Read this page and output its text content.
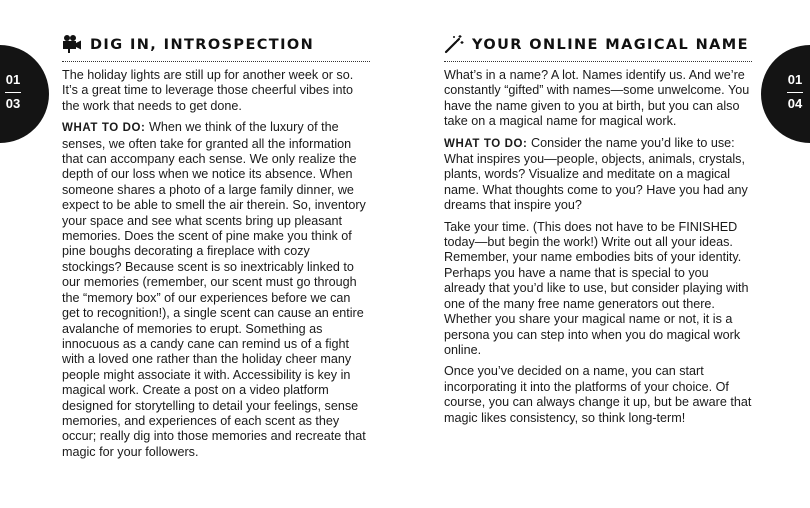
01
03
01
04
DIG IN, INTROSPECTION

The holiday lights are still up for another week or so. It’s a great time to leverage those cheerful vibes into the work that needs to get done.

WHAT TO DO: When we think of the luxury of the senses, we often take for granted all the information that can accompany each sense. We only realize the depth of our loss when we notice its absence. When someone shares a photo of a large family dinner, we expect to be able to smell the air therein. So, inventory your space and see what scents bring up pleasant memories. Does the scent of pine make you think of pine boughs decorating a fireplace with cozy stockings? Because scent is so inextricably linked to our memories (remember, our scent must go through the “memory box” of our experiences before we can get to recognition!), a single scent can cause an entire avalanche of memories to erupt. Something as innocuous as a candy cane can remind us of a fight with a loved one rather than the holiday cheer many people might associate it with. Accessibility is key in magical work. Create a post on a video platform designed for storytelling to detail your feelings, sense memories, and experiences of each scent as they occur; really dig into those memories and recreate that magic for your followers.

YOUR ONLINE MAGICAL NAME

What’s in a name? A lot. Names identify us. And we’re constantly “gifted” with names—some unwelcome. You have the name given to you at birth, but you can also take on a magical name for magical work.

WHAT TO DO: Consider the name you’d like to use: What inspires you—people, objects, animals, crystals, plants, words? Visualize and meditate on a magical name. What thoughts come to you? Have you had any dreams that inspire you?

Take your time. (This does not have to be FINISHED today—but begin the work!) Write out all your ideas. Remember, your name embodies bits of your identity. Perhaps you have a name that is special to you already that you’d like to use, but consider playing with one of the many free name generators out there. Whether you share your magical name or not, it is a persona you can step into when you do magical work online.

Once you’ve decided on a name, you can start incorporating it into the platforms of your choice. Of course, you can always change it up, but be aware that magic likes consistency, so think long-term!
